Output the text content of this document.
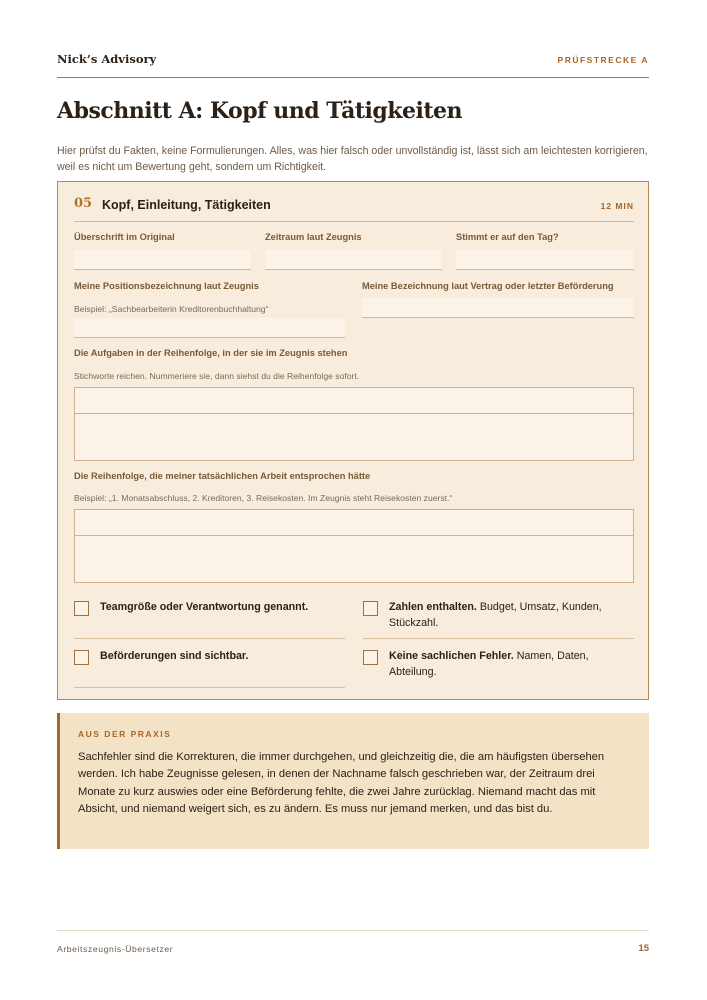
Nick’s Advisory	PRÜFSTRECKE A
Abschnitt A: Kopf und Tätigkeiten

Hier prüfst du Fakten, keine Formulierungen. Alles, was hier falsch oder unvollständig ist, lässt sich am leichtesten korrigieren, weil es nicht um Bewertung geht, sondern um Richtigkeit.

05 Kopf, Einleitung, Tätigkeiten	12 MIN
Überschrift im Original	Zeitraum laut Zeugnis	Stimmt er auf den Tag?
Meine Positionsbezeichnung laut Zeugnis
Beispiel: „Sachbearbeiterin Kreditorenbuchhaltung“
Meine Bezeichnung laut Vertrag oder letzter Beförderung
Die Aufgaben in der Reihenfolge, in der sie im Zeugnis stehen
Stichworte reichen. Nummeriere sie, dann siehst du die Reihenfolge sofort.
Die Reihenfolge, die meiner tatsächlichen Arbeit entsprochen hätte
Beispiel: „1. Monatsabschluss, 2. Kreditoren, 3. Reisekosten. Im Zeugnis steht Reisekosten zuerst.“
Teamgröße oder Verantwortung genannt.	Zahlen enthalten. Budget, Umsatz, Kunden, Stückzahl.
Beförderungen sind sichtbar.	Keine sachlichen Fehler. Namen, Daten, Abteilung.
AUS DER PRAXIS

Sachfehler sind die Korrekturen, die immer durchgehen, und gleichzeitig die, die am häufigsten übersehen werden. Ich habe Zeugnisse gelesen, in denen der Nachname falsch geschrieben war, der Zeitraum drei Monate zu kurz auswies oder eine Beförderung fehlte, die zwei Jahre zurücklag. Niemand macht das mit Absicht, und niemand weigert sich, es zu ändern. Es muss nur jemand merken, und das bist du.

Arbeitszeugnis-Übersetzer	15
